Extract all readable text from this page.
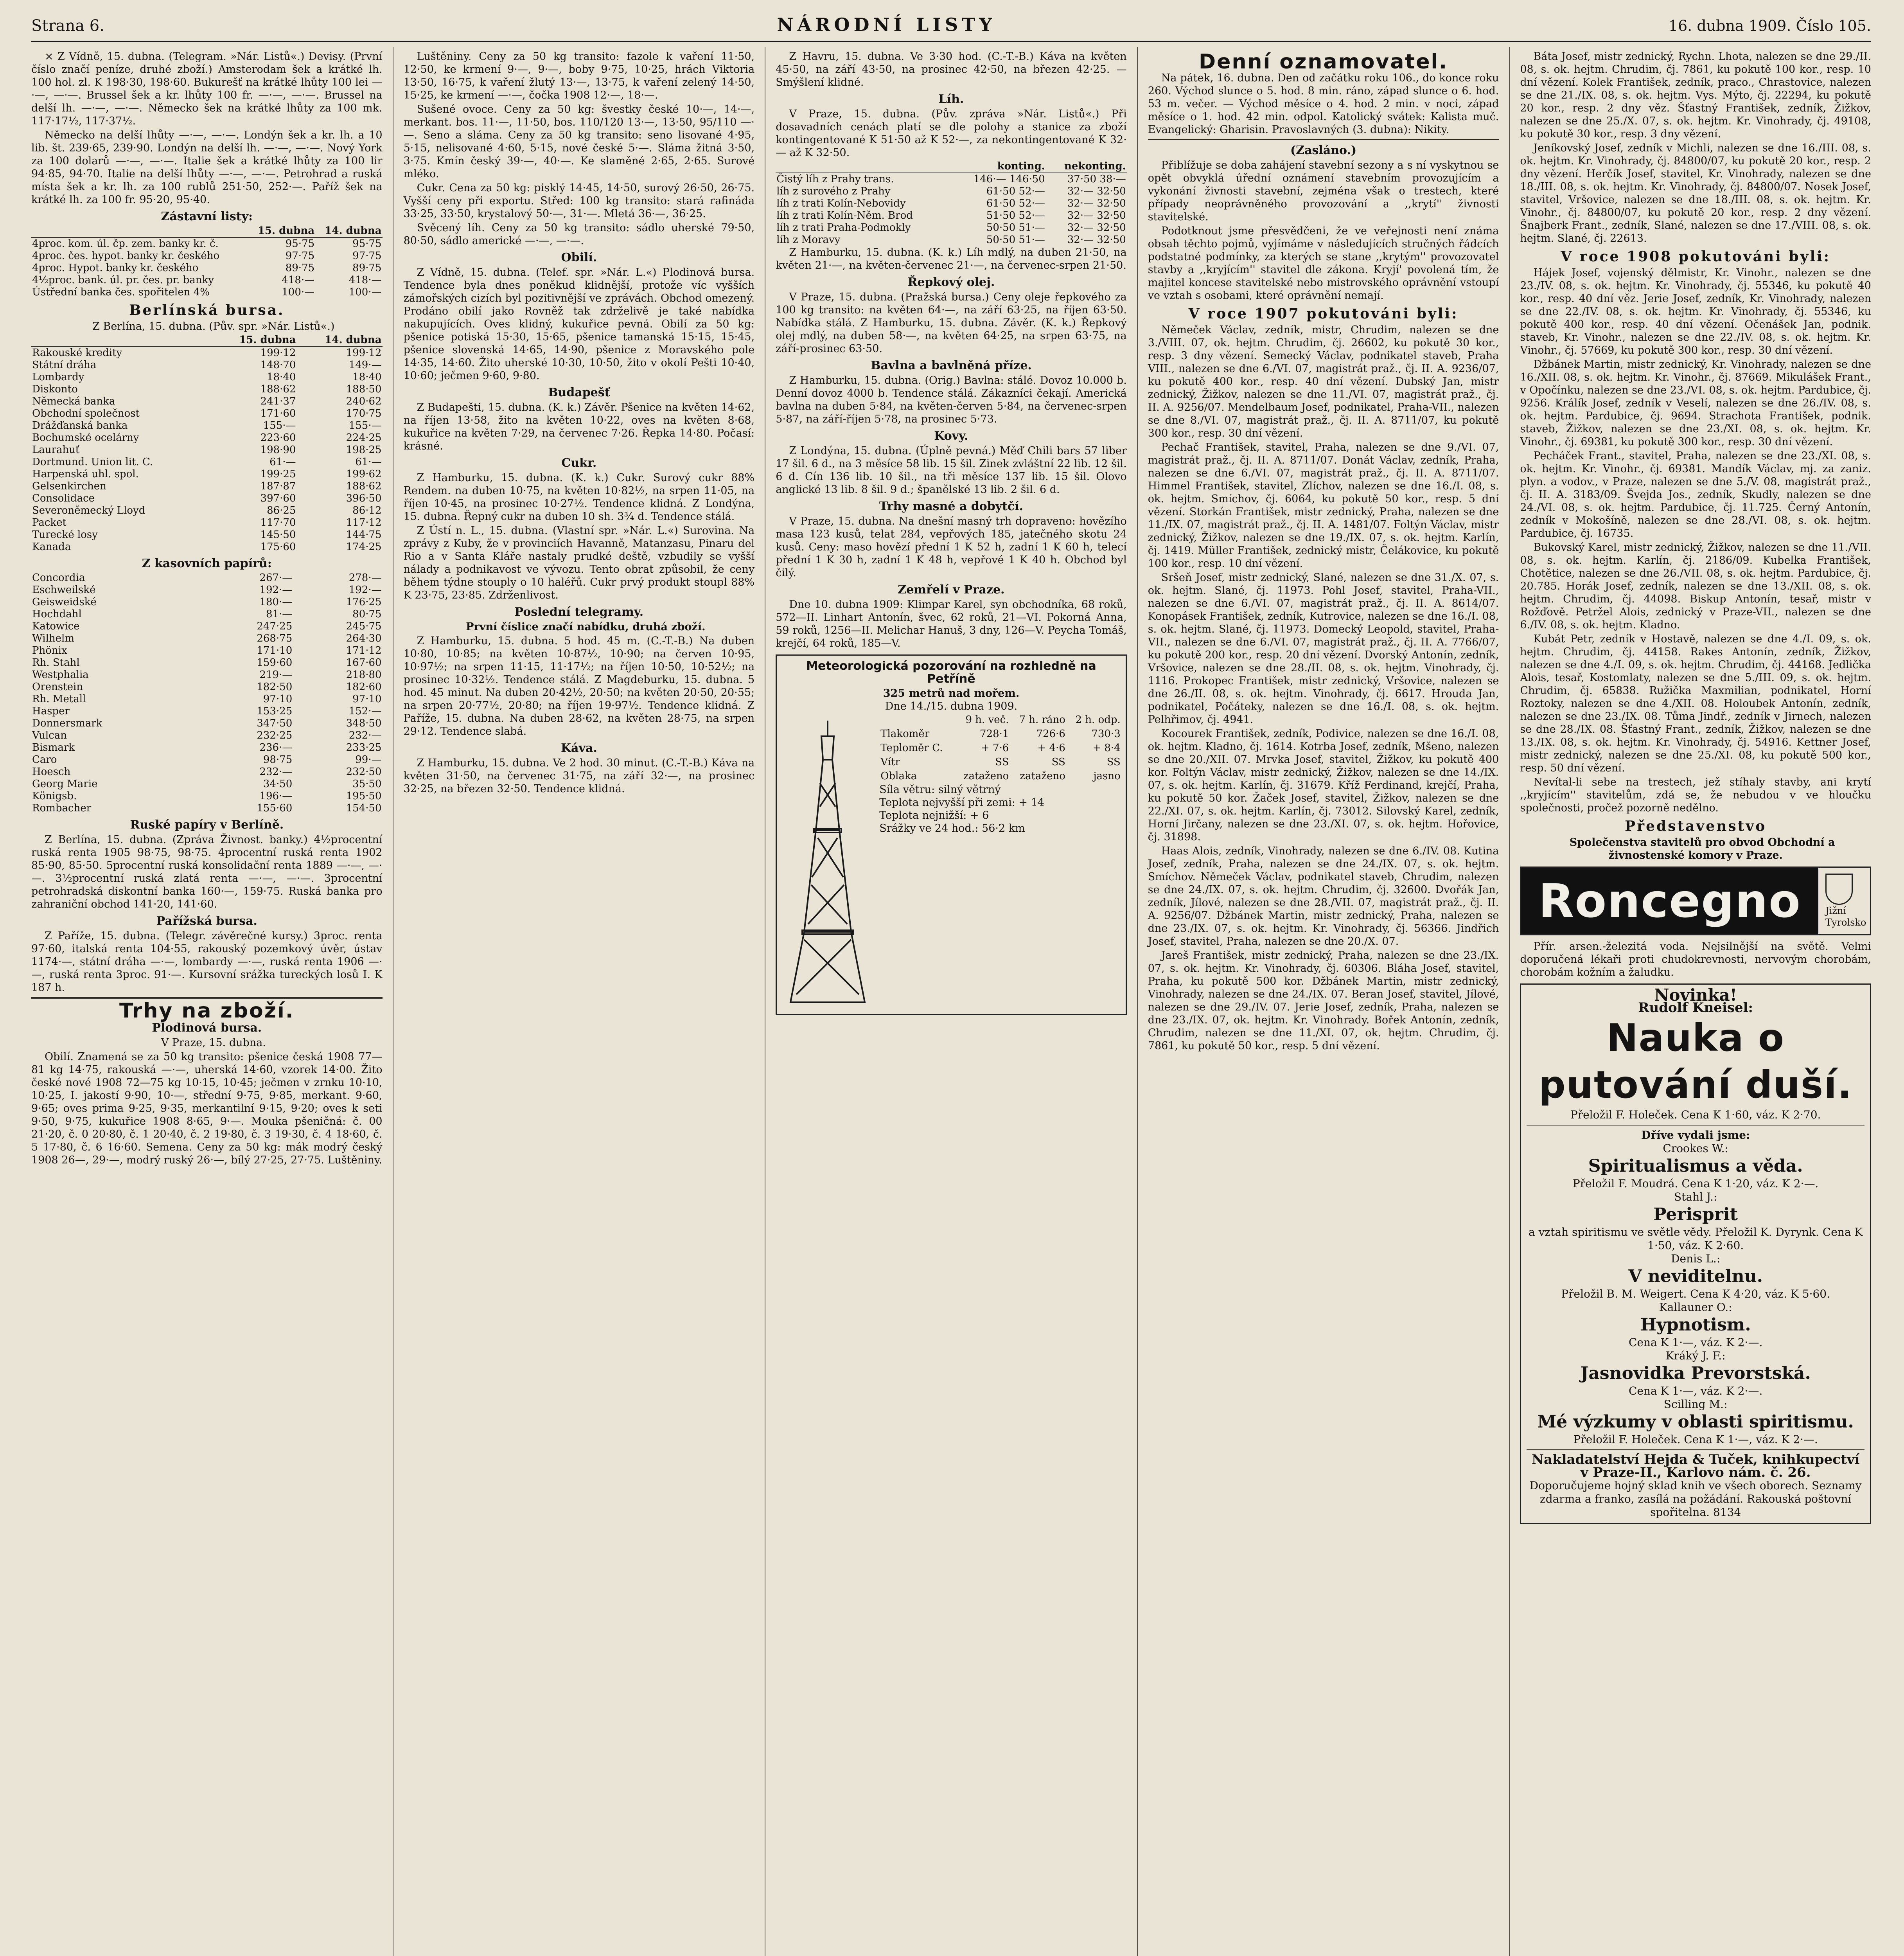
Strana 6.	NÁRODNÍ LISTY	16. dubna 1909. Číslo 105.

× Z Vídně, 15. dubna. (Telegram. »Nár. Listů«.) Devisy. (První číslo značí peníze, druhé zboží.) Amsterodam šek a krátké lh. 100 hol. zl. K 198·30, 198·60. Bukurešť na krátké lhůty 100 lei —·—, —·—. Brussel šek a kr. lhůty 100 fr. —·—, —·—. Brussel na delší lh. —·—, —·—. Německo šek na krátké lhůty za 100 mk. 117·17½, 117·37½.

Německo na delší lhůty —·—, —·—. Londýn šek a kr. lh. a 10 lib. št. 239·65, 239·90. Londýn na delší lh. —·—, —·—. Nový York za 100 dolarů —·—, —·—. Italie šek a krátké lhůty za 100 lir 94·85, 94·70. Italie na delší lhůty —·—, —·—. Petrohrad a ruská místa šek a kr. lh. za 100 rublů 251·50, 252·—. Paříž šek na krátké lh. za 100 fr. 95·20, 95·40.

Zástavní listy:
	15. dubna	14. dubna
4proc. kom. úl. čp. zem. banky kr. č.	95·75	95·75
4proc. čes. hypot. banky kr. českého	97·75	97·75
4proc. Hypot. banky kr. českého	89·75	89·75
4½proc. bank. úl. pr. čes. pr. banky	418·—	418·—
Ústřední banka čes. spořitelen 4%	100·—	100·—
Berlínská bursa.

Z Berlína, 15. dubna. (Pův. spr. »Nár. Listů«.)

	15. dubna	14. dubna
Rakouské kredity	199·12	199·12
Státní dráha	148·70	149·—
Lombardy	18·40	18·40
Diskonto	188·62	188·50
Německá banka	241·37	240·62
Obchodní společnost	171·60	170·75
Drážďanská banka	155·—	155·—
Bochumské ocelárny	223·60	224·25
Laurahuť	198·90	198·25
Dortmund. Union lit. C.	61·—	61·—
Harpenská uhl. spol.	199·25	199·62
Gelsenkirchen	187·87	188·62
Consolidace	397·60	396·50
Severoněmecký Lloyd	86·25	86·12
Packet	117·70	117·12
Turecké losy	145·50	144·75
Kanada	175·60	174·25
Z kasovních papírů:
Concordia	267·—	278·—
Eschweilské	192·—	192·—
Geisweidské	180·—	176·25
Hochdahl	81·—	80·75
Katowice	247·25	245·75
Wilhelm	268·75	264·30
Phönix	171·10	171·12
Rh. Stahl	159·60	167·60
Westphalia	219·—	218·80
Orenstein	182·50	182·60
Rh. Metall	97·10	97·10
Hasper	153·25	152·—
Donnersmark	347·50	348·50
Vulcan	232·25	232·—
Bismark	236·—	233·25
Caro	98·75	99·—
Hoesch	232·—	232·50
Georg Marie	34·50	35·50
Königsb.	196·—	195·50
Rombacher	155·60	154·50
Ruské papíry v Berlíně.

Z Berlína, 15. dubna. (Zpráva Živnost. banky.) 4½procentní ruská renta 1905 98·75, 98·75. 4procentní ruská renta 1902 85·90, 85·50. 5procentní ruská konsolidační renta 1889 —·—, —·—. 3½procentní ruská zlatá renta —·—, —·—. 3procentní petrohradská diskontní banka 160·—, 159·75. Ruská banka pro zahraniční obchod 141·20, 141·60.

Pařížská bursa.

Z Paříže, 15. dubna. (Telegr. závěrečné kursy.) 3proc. renta 97·60, italská renta 104·55, rakouský pozemkový úvěr, ústav 1174·—, státní dráha —·—, lombardy —·—, ruská renta 1906 —·—, ruská renta 3proc. 91·—. Kursovní srážka tureckých losů I. K 187 h.

Trhy na zboží.
Plodinová bursa.

V Praze, 15. dubna.

Obilí. Znamená se za 50 kg transito: pšenice česká 1908 77—81 kg 14·75, rakouská —·—, uherská 14·60, vzorek 14·00. Žito české nové 1908 72—75 kg 10·15, 10·45; ječmen v zrnku 10·10, 10·25, I. jakostí 9·90, 10·—, střední 9·75, 9·85, merkant. 9·60, 9·65; oves prima 9·25, 9·35, merkantilní 9·15, 9·20; oves k seti 9·50, 9·75, kukuřice 1908 8·65, 9·—. Mouka pšeničná: č. 00 21·20, č. 0 20·80, č. 1 20·40, č. 2 19·80, č. 3 19·30, č. 4 18·60, č. 5 17·80, č. 6 16·60. Semena. Ceny za 50 kg: mák modrý český 1908 26—, 29·—, modrý ruský 26·—, bílý 27·25, 27·75. Luštěniny.

Luštěniny. Ceny za 50 kg transito: fazole k vaření 11·50, 12·50, ke krmení 9·—, 9·—, boby 9·75, 10·25, hrách Viktoria 13·50, 16·75, k vaření žlutý 13·—, 13·75, k vaření zelený 14·50, 15·25, ke krmení —·—, čočka 1908 12·—, 18·—.

Sušené ovoce. Ceny za 50 kg: švestky české 10·—, 14·—, merkant. bos. 11·—, 11·50, bos. 110/120 13·—, 13·50, 95/110 —·—. Seno a sláma. Ceny za 50 kg transito: seno lisované 4·95, 5·15, nelisované 4·60, 5·15, nové české 5·—. Sláma žitná 3·50, 3·75. Kmín český 39·—, 40·—. Ke slaměné 2·65, 2·65. Surové mléko.

Cukr. Cena za 50 kg: pisklý 14·45, 14·50, surový 26·50, 26·75. Vyšší ceny při exportu. Střed: 100 kg transito: stará rafináda 33·25, 33·50, krystalový 50·—, 31·—. Mletá 36·—, 36·25.

Svěcený líh. Ceny za 50 kg transito: sádlo uherské 79·50, 80·50, sádlo americké —·—, —·—.

Obilí.

Z Vídně, 15. dubna. (Telef. spr. »Nár. L.«) Plodinová bursa. Tendence byla dnes poněkud klidnější, protože víc vyšších zámořských cizích byl pozitivnější ve zprávách. Obchod omezený. Prodáno obilí jako Rovněž tak zdrželivě je také nabídka nakupujících. Oves klidný, kukuřice pevná. Obilí za 50 kg: pšenice potiská 15·30, 15·65, pšenice tamanská 15·15, 15·45, pšenice slovenská 14·65, 14·90, pšenice z Moravského pole 14·35, 14·60. Žito uherské 10·30, 10·50, žito v okolí Pešti 10·40, 10·60; ječmen 9·60, 9·80.

Budapešť

Z Budapešti, 15. dubna. (K. k.) Závěr. Pšenice na květen 14·62, na říjen 13·58, žito na květen 10·22, oves na květen 8·68, kukuřice na květen 7·29, na červenec 7·26. Řepka 14·80. Počasí: krásné.

Cukr.

Z Hamburku, 15. dubna. (K. k.) Cukr. Surový cukr 88% Rendem. na duben 10·75, na květen 10·82½, na srpen 11·05, na říjen 10·45, na prosinec 10·27½. Tendence klidná. Z Londýna, 15. dubna. Řepný cukr na duben 10 sh. 3¾ d. Tendence stálá.

Z Ústí n. L., 15. dubna. (Vlastní spr. »Nár. L.«) Surovina. Na zprávy z Kuby, že v provinciích Havanně, Matanzasu, Pinaru del Rio a v Santa Kláře nastaly prudké deště, vzbudily se vyšší nálady a podnikavost ve vývozu. Tento obrat způsobil, že ceny během týdne stouply o 10 haléřů. Cukr prvý produkt stoupl 88% K 23·75, 23·85. Zdrženlivost.

Poslední telegramy.

První číslice značí nabídku, druhá zboží.

Z Hamburku, 15. dubna. 5 hod. 45 m. (C.-T.-B.) Na duben 10·80, 10·85; na květen 10·87½, 10·90; na červen 10·95, 10·97½; na srpen 11·15, 11·17½; na říjen 10·50, 10·52½; na prosinec 10·32½. Tendence stálá. Z Magdeburku, 15. dubna. 5 hod. 45 minut. Na duben 20·42½, 20·50; na květen 20·50, 20·55; na srpen 20·77½, 20·80; na říjen 19·97½. Tendence klidná. Z Paříže, 15. dubna. Na duben 28·62, na květen 28·75, na srpen 29·12. Tendence slabá.

Káva.

Z Hamburku, 15. dubna. Ve 2 hod. 30 minut. (C.-T.-B.) Káva na květen 31·50, na červenec 31·75, na září 32·—, na prosinec 32·25, na březen 32·50. Tendence klidná.

Z Havru, 15. dubna. Ve 3·30 hod. (C.-T.-B.) Káva na květen 45·50, na září 43·50, na prosinec 42·50, na březen 42·25. — Smýšlení klidné.

Líh.

V Praze, 15. dubna. (Pův. zpráva »Nár. Listů«.) Při dosavadních cenách platí se dle polohy a stanice za zboží kontingentované K 51·50 až K 52·—, za nekontingentované K 32·— až K 32·50.

	konting.	nekonting.
Čistý líh z Prahy trans.	146·— 146·50	37·50 38·—
líh z surového z Prahy	61·50 52·—	32·— 32·50
líh z trati Kolín-Nebovidy	61·50 52·—	32·— 32·50
líh z trati Kolín-Něm. Brod	51·50 52·—	32·— 32·50
líh z trati Praha-Podmokly	50·50 51·—	32·— 32·50
líh z Moravy	50·50 51·—	32·— 32·50

Z Hamburku, 15. dubna. (K. k.) Líh mdlý, na duben 21·50, na květen 21·—, na květen-červenec 21·—, na červenec-srpen 21·50.

Řepkový olej.

V Praze, 15. dubna. (Pražská bursa.) Ceny oleje řepkového za 100 kg transito: na květen 64·—, na září 63·25, na říjen 63·50. Nabídka stálá. Z Hamburku, 15. dubna. Závěr. (K. k.) Řepkový olej mdlý, na duben 58·—, na květen 64·25, na srpen 63·75, na září-prosinec 63·50.

Bavlna a bavlněná příze.

Z Hamburku, 15. dubna. (Orig.) Bavlna: stálé. Dovoz 10.000 b. Denní dovoz 4000 b. Tendence stálá. Zákazníci čekají. Americká bavlna na duben 5·84, na květen-červen 5·84, na červenec-srpen 5·87, na září-říjen 5·78, na prosinec 5·73.

Kovy.

Z Londýna, 15. dubna. (Úplně pevná.) Měď Chili bars 57 liber 17 šil. 6 d., na 3 měsíce 58 lib. 15 šil. Zinek zvláštní 22 lib. 12 šil. 6 d. Cín 136 lib. 10 šil., na tři měsíce 137 lib. 15 šil. Olovo anglické 13 lib. 8 šil. 9 d.; španělské 13 lib. 2 šil. 6 d.

Trhy masné a dobytčí.

V Praze, 15. dubna. Na dnešní masný trh dopraveno: hovězího masa 123 kusů, telat 284, vepřových 185, jatečného skotu 24 kusů. Ceny: maso hovězí přední 1 K 52 h, zadní 1 K 60 h, telecí přední 1 K 30 h, zadní 1 K 48 h, vepřové 1 K 40 h. Obchod byl čilý.

Zemřelí v Praze.

Dne 10. dubna 1909: Klimpar Karel, syn obchodníka, 68 roků, 572—II. Linhart Antonín, švec, 62 roků, 21—VI. Pokorná Anna, 59 roků, 1256—II. Melichar Hanuš, 3 dny, 126—V. Peycha Tomáš, krejčí, 64 roků, 185—V.

Meteorologická pozorování na rozhledně na Petříně
325 metrů nad mořem.
Dne 14./15. dubna 1909.
	9 h. več.	7 h. ráno	2 h. odp.
Tlakoměr	728·1	726·6	730·3
Teploměr C.	+ 7·6	+ 4·6	+ 8·4
Vítr	SS	SS	SS
Oblaka	zataženo	zataženo	jasno
Síla větru: silný větrný
Teplota nejvyšší při zemi: + 14
Teplota nejnižší: + 6
Srážky ve 24 hod.: 56·2 km
Denní oznamovatel.

Na pátek, 16. dubna. Den od začátku roku 106., do konce roku 260. Východ slunce o 5. hod. 8 min. ráno, západ slunce o 6. hod. 53 m. večer. — Východ měsíce o 4. hod. 2 min. v noci, západ měsíce o 1. hod. 42 min. odpol. Katolický svátek: Kalista muč. Evangelický: Gharisin. Pravoslavných (3. dubna): Nikity.

(Zasláno.)

Přiblížuje se doba zahájení stavební sezony a s ní vyskytnou se opět obvyklá úřední oznámení stavebním provozujícím a vykonání živnosti stavební, zejména však o trestech, které případy neoprávněného provozování a ,,krytí'' živnosti stavitelské.

Podotknout jsme přesvědčeni, že ve veřejnosti není známa obsah těchto pojmů, vyjímáme v následujících stručných řádcích podstatné podmínky, za kterých se stane ,,krytým'' provozovatel stavby a ,,kryjícím'' stavitel dle zákona. Kryjí' povolená tím, že majitel koncese stavitelské nebo mistrovského oprávnění vstoupí ve vztah s osobami, které oprávnění nemají.

V roce 1907 pokutováni byli:

Němeček Václav, zedník, mistr, Chrudim, nalezen se dne 3./VIII. 07, ok. hejtm. Chrudim, čj. 26602, ku pokutě 30 kor., resp. 3 dny vězení. Semecký Václav, podnikatel staveb, Praha VIII., nalezen se dne 6./VI. 07, magistrát praž., čj. II. A. 9236/07, ku pokutě 400 kor., resp. 40 dní vězení. Dubský Jan, mistr zednický, Žižkov, nalezen se dne 11./VI. 07, magistrát praž., čj. II. A. 9256/07. Mendelbaum Josef, podnikatel, Praha-VII., nalezen se dne 8./VI. 07, magistrát praž., čj. II. A. 8711/07, ku pokutě 300 kor., resp. 30 dní vězení.

Pechač František, stavitel, Praha, nalezen se dne 9./VI. 07, magistrát praž., čj. II. A. 8711/07. Donát Václav, zedník, Praha, nalezen se dne 6./VI. 07, magistrát praž., čj. II. A. 8711/07. Himmel František, stavitel, Zlíchov, nalezen se dne 16./I. 08, s. ok. hejtm. Smíchov, čj. 6064, ku pokutě 50 kor., resp. 5 dní vězení. Storkán František, mistr zednický, Praha, nalezen se dne 11./IX. 07, magistrát praž., čj. II. A. 1481/07. Foltýn Václav, mistr zednický, Žižkov, nalezen se dne 19./IX. 07, s. ok. hejtm. Karlín, čj. 1419. Müller František, zednický mistr, Čelákovice, ku pokutě 100 kor., resp. 10 dní vězení.

Sršeň Josef, mistr zednický, Slané, nalezen se dne 31./X. 07, s. ok. hejtm. Slané, čj. 11973. Pohl Josef, stavitel, Praha-VII., nalezen se dne 6./VI. 07, magistrát praž., čj. II. A. 8614/07. Konopásek František, zedník, Kutrovice, nalezen se dne 16./I. 08, s. ok. hejtm. Slané, čj. 11973. Domecký Leopold, stavitel, Praha-VII., nalezen se dne 6./VI. 07, magistrát praž., čj. II. A. 7766/07, ku pokutě 200 kor., resp. 20 dní vězení. Dvorský Antonín, zedník, Vršovice, nalezen se dne 28./II. 08, s. ok. hejtm. Vinohrady, čj. 1116. Prokopec František, mistr zednický, Vršovice, nalezen se dne 26./II. 08, s. ok. hejtm. Vinohrady, čj. 6617. Hrouda Jan, podnikatel, Počáteky, nalezen se dne 16./I. 08, s. ok. hejtm. Pelhřimov, čj. 4941.

Kocourek František, zedník, Podivice, nalezen se dne 16./I. 08, ok. hejtm. Kladno, čj. 1614. Kotrba Josef, zedník, Mšeno, nalezen se dne 20./XII. 07. Mrvka Josef, stavitel, Žižkov, ku pokutě 400 kor. Foltýn Václav, mistr zednický, Žižkov, nalezen se dne 14./IX. 07, s. ok. hejtm. Karlín, čj. 31679. Kříž Ferdinand, krejčí, Praha, ku pokutě 50 kor. Žaček Josef, stavitel, Žižkov, nalezen se dne 22./XI. 07, s. ok. hejtm. Karlín, čj. 73012. Silovský Karel, zedník, Horní Jirčany, nalezen se dne 23./XI. 07, s. ok. hejtm. Hořovice, čj. 31898.

Haas Alois, zedník, Vinohrady, nalezen se dne 6./IV. 08. Kutina Josef, zedník, Praha, nalezen se dne 24./IX. 07, s. ok. hejtm. Smíchov. Němeček Václav, podnikatel staveb, Chrudim, nalezen se dne 24./IX. 07, s. ok. hejtm. Chrudim, čj. 32600. Dvořák Jan, zedník, Jílové, nalezen se dne 28./VII. 07, magistrát praž., čj. II. A. 9256/07. Džbánek Martin, mistr zednický, Praha, nalezen se dne 23./IX. 07, s. ok. hejtm. Kr. Vinohrady, čj. 56366. Jindřich Josef, stavitel, Praha, nalezen se dne 20./X. 07.

Jareš František, mistr zednický, Praha, nalezen se dne 23./IX. 07, s. ok. hejtm. Kr. Vinohrady, čj. 60306. Bláha Josef, stavitel, Praha, ku pokutě 500 kor. Džbánek Martin, mistr zednický, Vinohrady, nalezen se dne 24./IX. 07. Beran Josef, stavitel, Jílové, nalezen se dne 29./IV. 07. Jerie Josef, zedník, Praha, nalezen se dne 23./IX. 07, ok. hejtm. Kr. Vinohrady. Bořek Antonín, zedník, Chrudim, nalezen se dne 11./XI. 07, ok. hejtm. Chrudim, čj. 7861, ku pokutě 50 kor., resp. 5 dní vězení.

Báta Josef, mistr zednický, Rychn. Lhota, nalezen se dne 29./II. 08, s. ok. hejtm. Chrudim, čj. 7861, ku pokutě 100 kor., resp. 10 dní vězení. Kolek František, zedník, praco., Chrastovice, nalezen se dne 21./IX. 08, s. ok. hejtm. Vys. Mýto, čj. 22294, ku pokutě 20 kor., resp. 2 dny věz. Šťastný František, zedník, Žižkov, nalezen se dne 25./X. 07, s. ok. hejtm. Kr. Vinohrady, čj. 49108, ku pokutě 30 kor., resp. 3 dny vězení.

Jeníkovský Josef, zedník v Michli, nalezen se dne 16./III. 08, s. ok. hejtm. Kr. Vinohrady, čj. 84800/07, ku pokutě 20 kor., resp. 2 dny vězení. Herčík Josef, stavitel, Kr. Vinohrady, nalezen se dne 18./III. 08, s. ok. hejtm. Kr. Vinohrady, čj. 84800/07. Nosek Josef, stavitel, Vršovice, nalezen se dne 18./III. 08, s. ok. hejtm. Kr. Vinohr., čj. 84800/07, ku pokutě 20 kor., resp. 2 dny vězení. Šnajberk Frant., zedník, Slané, nalezen se dne 17./VIII. 08, s. ok. hejtm. Slané, čj. 22613.

V roce 1908 pokutováni byli:

Hájek Josef, vojenský dělmistr, Kr. Vinohr., nalezen se dne 23./IV. 08, s. ok. hejtm. Kr. Vinohrady, čj. 55346, ku pokutě 40 kor., resp. 40 dní věz. Jerie Josef, zedník, Kr. Vinohrady, nalezen se dne 22./IV. 08, s. ok. hejtm. Kr. Vinohrady, čj. 55346, ku pokutě 400 kor., resp. 40 dní vězení. Očenášek Jan, podnik. staveb, Kr. Vinohr., nalezen se dne 22./IV. 08, s. ok. hejtm. Kr. Vinohr., čj. 57669, ku pokutě 300 kor., resp. 30 dní vězení.

Džbánek Martin, mistr zednický, Kr. Vinohrady, nalezen se dne 16./XII. 08, s. ok. hejtm. Kr. Vinohr., čj. 87669. Mikulášek Frant., v Opočínku, nalezen se dne 23./VI. 08, s. ok. hejtm. Pardubice, čj. 9256. Králík Josef, zedník v Veselí, nalezen se dne 26./IV. 08, s. ok. hejtm. Pardubice, čj. 9694. Strachota František, podnik. staveb, Žižkov, nalezen se dne 23./XI. 08, s. ok. hejtm. Kr. Vinohr., čj. 69381, ku pokutě 300 kor., resp. 30 dní vězení.

Pecháček Frant., stavitel, Praha, nalezen se dne 23./XI. 08, s. ok. hejtm. Kr. Vinohr., čj. 69381. Mandík Václav, mj. za zaniz. plyn. a vodov., v Praze, nalezen se dne 5./V. 08, magistrát praž., čj. II. A. 3183/09. Švejda Jos., zedník, Skudly, nalezen se dne 24./VI. 08, s. ok. hejtm. Pardubice, čj. 11.725. Černý Antonín, zedník v Mokošíně, nalezen se dne 28./VI. 08, s. ok. hejtm. Pardubice, čj. 16735.

Bukovský Karel, mistr zednický, Žižkov, nalezen se dne 11./VII. 08, s. ok. hejtm. Karlín, čj. 2186/09. Kubelka František, Chotětice, nalezen se dne 26./VII. 08, s. ok. hejtm. Pardubice, čj. 20.785. Horák Josef, zedník, nalezen se dne 13./XII. 08, s. ok. hejtm. Chrudim, čj. 44098. Biskup Antonín, tesař, mistr v Rožďově. Petržel Alois, zednický v Praze-VII., nalezen se dne 6./IV. 08, s. ok. hejtm. Kladno.

Kubát Petr, zedník v Hostavě, nalezen se dne 4./I. 09, s. ok. hejtm. Chrudim, čj. 44158. Rakes Antonín, zedník, Žižkov, nalezen se dne 4./I. 09, s. ok. hejtm. Chrudim, čj. 44168. Jedlička Alois, tesař, Kostomlaty, nalezen se dne 5./III. 09, s. ok. hejtm. Chrudim, čj. 65838. Ružička Maxmilian, podnikatel, Horní Roztoky, nalezen se dne 4./XII. 08. Holoubek Antonín, zedník, nalezen se dne 23./IX. 08. Tůma Jindř., zedník v Jirnech, nalezen se dne 28./IX. 08. Šťastný Frant., zedník, Žižkov, nalezen se dne 13./IX. 08, s. ok. hejtm. Kr. Vinohrady, čj. 54916. Kettner Josef, mistr zednický, nalezen se dne 25./XI. 08, ku pokutě 500 kor., resp. 50 dní vězení.

Nevítal-li sebe na trestech, jež stíhaly stavby, ani krytí ,,kryjícím'' stavitelům, zdá se, že nebudou v ve hloučku společnosti, pročež pozorně nedělno.

Představenstvo

Společenstva stavitelů pro obvod Obchodní a živnostenské komory v Praze.

Roncegno	Jižní Tyrolsko

Přír. arsen.-železitá voda. Nejsilnější na světě. Velmi doporučená lékaři proti chudokrevnosti, nervovým chorobám, chorobám kožním a žaludku.

Novinka!
Rudolf Kneisel:
Nauka o putování duší.
Přeložil F. Holeček. Cena K 1·60, váz. K 2·70.
Dříve vydali jsme:
Crookes W.:
Spiritualismus a věda.
Přeložil F. Moudrá. Cena K 1·20, váz. K 2·—.
Stahl J.:
Perisprit
a vztah spiritismu ve světle vědy. Přeložil K. Dyrynk. Cena K 1·50, váz. K 2·60.
Denis L.:
V neviditelnu.
Přeložil B. M. Weigert. Cena K 4·20, váz. K 5·60.
Kallauner O.:
Hypnotism.
Cena K 1·—, váz. K 2·—.
Kráký J. F.:
Jasnovidka Prevorstská.
Cena K 1·—, váz. K 2·—.
Scilling M.:
Mé výzkumy v oblasti spiritismu.
Přeložil F. Holeček. Cena K 1·—, váz. K 2·—.
Nakladatelství Hejda & Tuček, knihkupectví
v Praze-II., Karlovo nám. č. 26.
Doporučujeme hojný sklad knih ve všech oborech. Seznamy zdarma a franko, zasílá na požádání. Rakouská poštovní spořitelna. 8134
